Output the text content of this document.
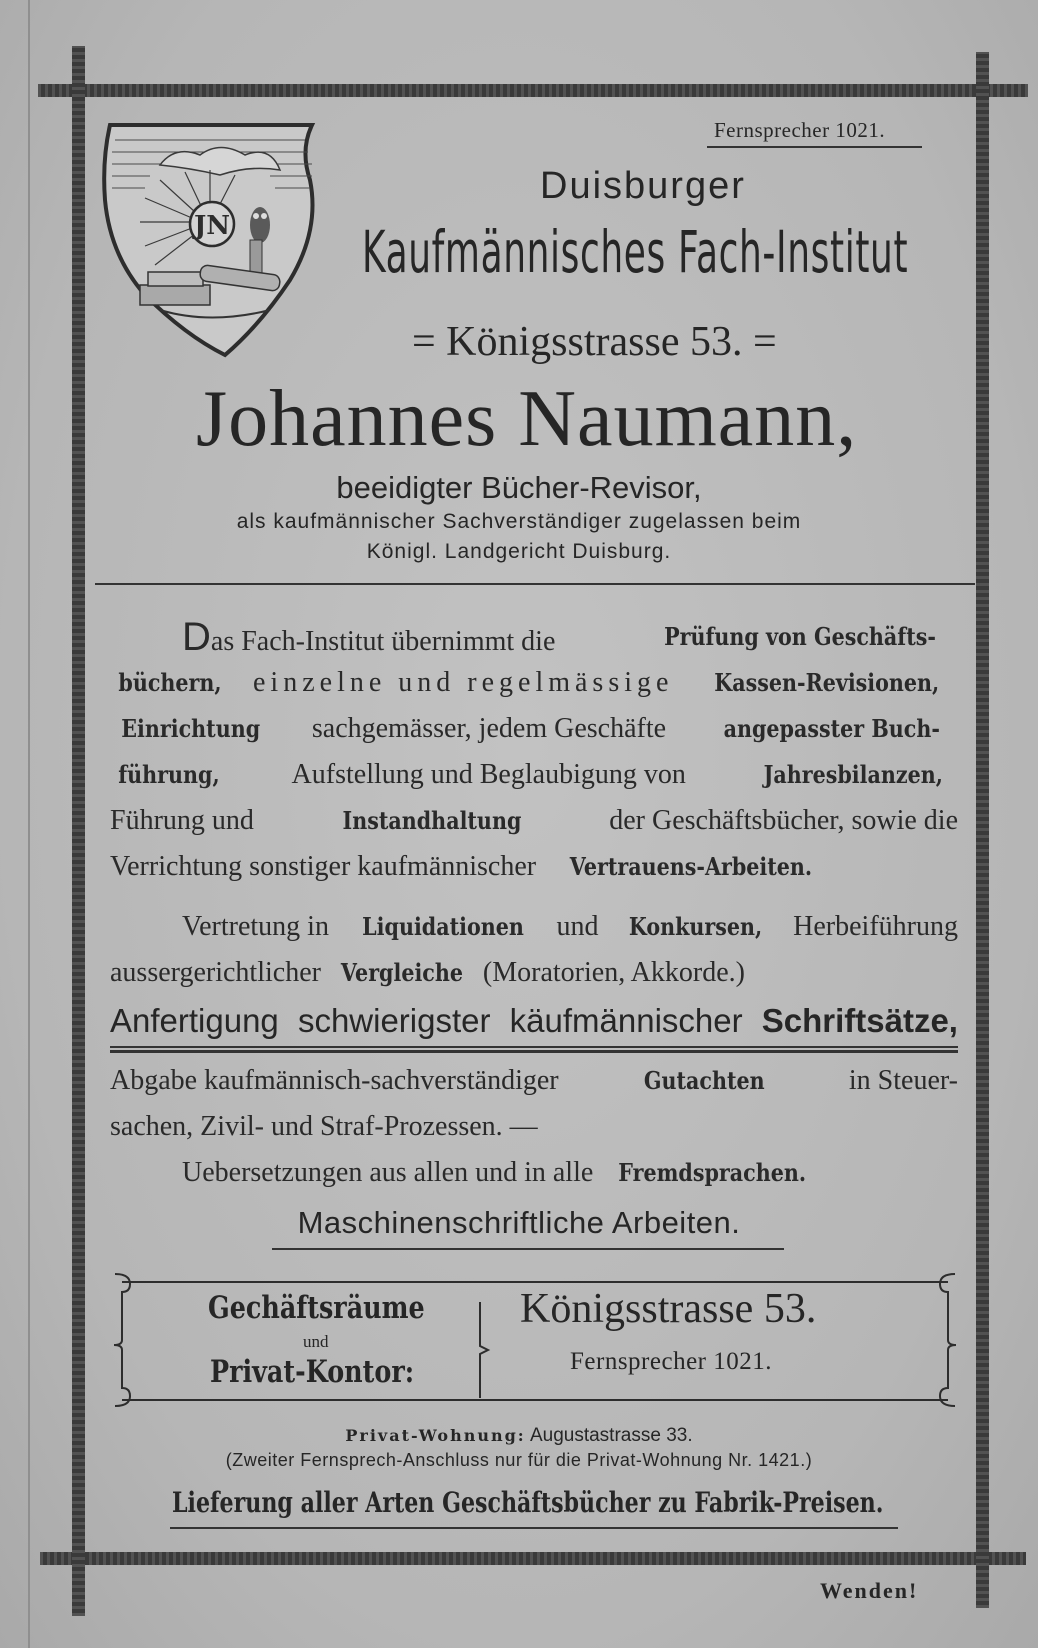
Fernsprecher 1021.
JN
Duisburger
Kaufmännisches Fach-Institut
= Königsstrasse 53. =
Johannes Naumann,
beeidigter Bücher-Revisor,
als kaufmännischer Sachverständiger zugelassen beim
Königl. Landgericht Duisburg.
Das Fach-Institut übernimmt die	Prüfung von Geschäfts-
büchern, einzelne und regelmässige Kassen-Revisionen,
Einrichtung sachgemässer, jedem Geschäfte angepasster Buch-
führung,	Aufstellung und Beglaubigung von	Jahresbilanzen,
Führung und	Instandhaltung	der Geschäftsbücher, sowie die
Verrichtung sonstiger kaufmännischer Vertrauens-Arbeiten.
Vertretung in Liquidationen und Konkursen, Herbeiführung
aussergerichtlicher Vergleiche (Moratorien, Akkorde.)
Anfertigung schwierigster käufmännischer Schriftsätze,
Abgabe kaufmännisch-sachverständiger	Gutachten	in Steuer-
sachen, Zivil- und Straf-Prozessen. —
Uebersetzungen aus allen und in alle Fremdsprachen.
Maschinenschriftliche Arbeiten.
Gechäftsräume
und
Privat-Kontor:
Königsstrasse 53.
Fernsprecher 1021.
Privat-Wohnung: Augustastrasse 33.
(Zweiter Fernsprech-Anschluss nur für die Privat-Wohnung Nr. 1421.)
Lieferung aller Arten Geschäftsbücher zu Fabrik-Preisen.
Wenden!
